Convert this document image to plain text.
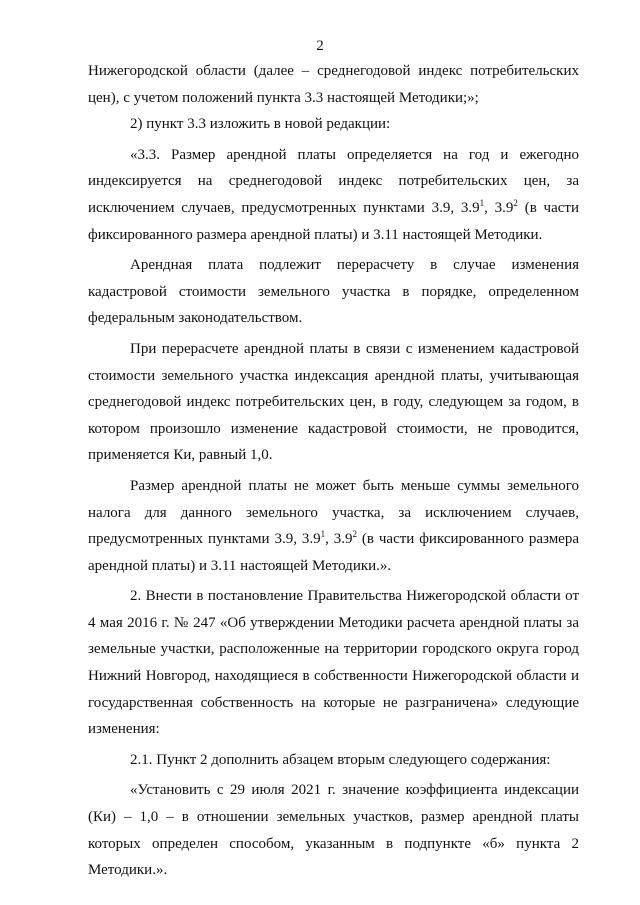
2

Нижегородской области (далее – среднегодовой индекс потребительских цен), с учетом положений пункта 3.3 настоящей Методики;»;

2) пункт 3.3 изложить в новой редакции:

«3.3. Размер арендной платы определяется на год и ежегодно индексируется на среднегодовой индекс потребительских цен, за исключением случаев, предусмотренных пунктами 3.9, $3.9^1$, $3.9^2$ (в части фиксированного размера арендной платы) и 3.11 настоящей Методики.

Арендная плата подлежит перерасчету в случае изменения кадастровой стоимости земельного участка в порядке, определенном федеральным законодательством.

При перерасчете арендной платы в связи с изменением кадастровой стоимости земельного участка индексация арендной платы, учитывающая среднегодовой индекс потребительских цен, в году, следующем за годом, в котором произошло изменение кадастровой стоимости, не проводится, применяется Ки, равный 1,0.

Размер арендной платы не может быть меньше суммы земельного налога для данного земельного участка, за исключением случаев, предусмотренных пунктами 3.9, $3.9^1$, $3.9^2$ (в части фиксированного размера арендной платы) и 3.11 настоящей Методики.».

2. Внести в постановление Правительства Нижегородской области от 4 мая 2016 г. № 247 «Об утверждении Методики расчета арендной платы за земельные участки, расположенные на территории городского округа город Нижний Новгород, находящиеся в собственности Нижегородской области и государственная собственность на которые не разграничена» следующие изменения:

2.1. Пункт 2 дополнить абзацем вторым следующего содержания:

«Установить с 29 июля 2021 г. значение коэффициента индексации (Ки) – 1,0 – в отношении земельных участков, размер арендной платы которых определен способом, указанным в подпункте «б» пункта 2 Методики.».
